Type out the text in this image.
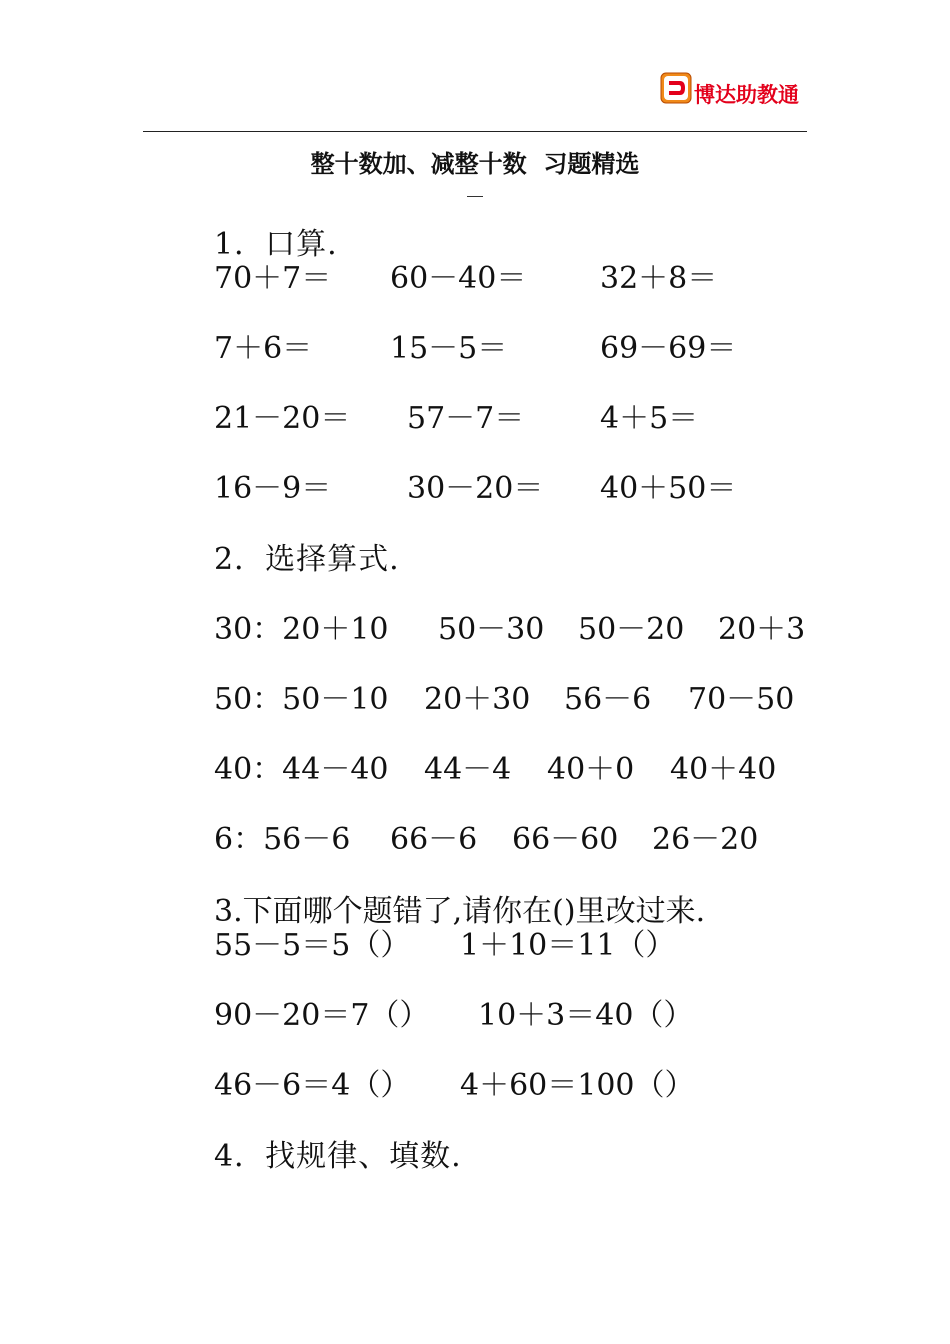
博达助教通
整十数加、减整十数  习题精选
1．口算.
70＋7＝ 60－40＝ 32＋8＝
7＋6＝	15－5＝	69－69＝
21－20＝ 57－7＝	4＋5＝
16－9＝	30－20＝ 40＋50＝
2．选择算式.
30：20＋10 50－30 50－20 20＋3
50：50－10 20＋30 56－6 70－50
40：44－40 44－4 40＋0 40＋40
6：56－6 66－6 66－60 26－20
3.下面哪个题错了,请你在()里改过来.
55－5＝5（） 1＋10＝11（）
90－20＝7（） 10＋3＝40（）
46－6＝4（） 4＋60＝100（）
4．找规律、填数.
